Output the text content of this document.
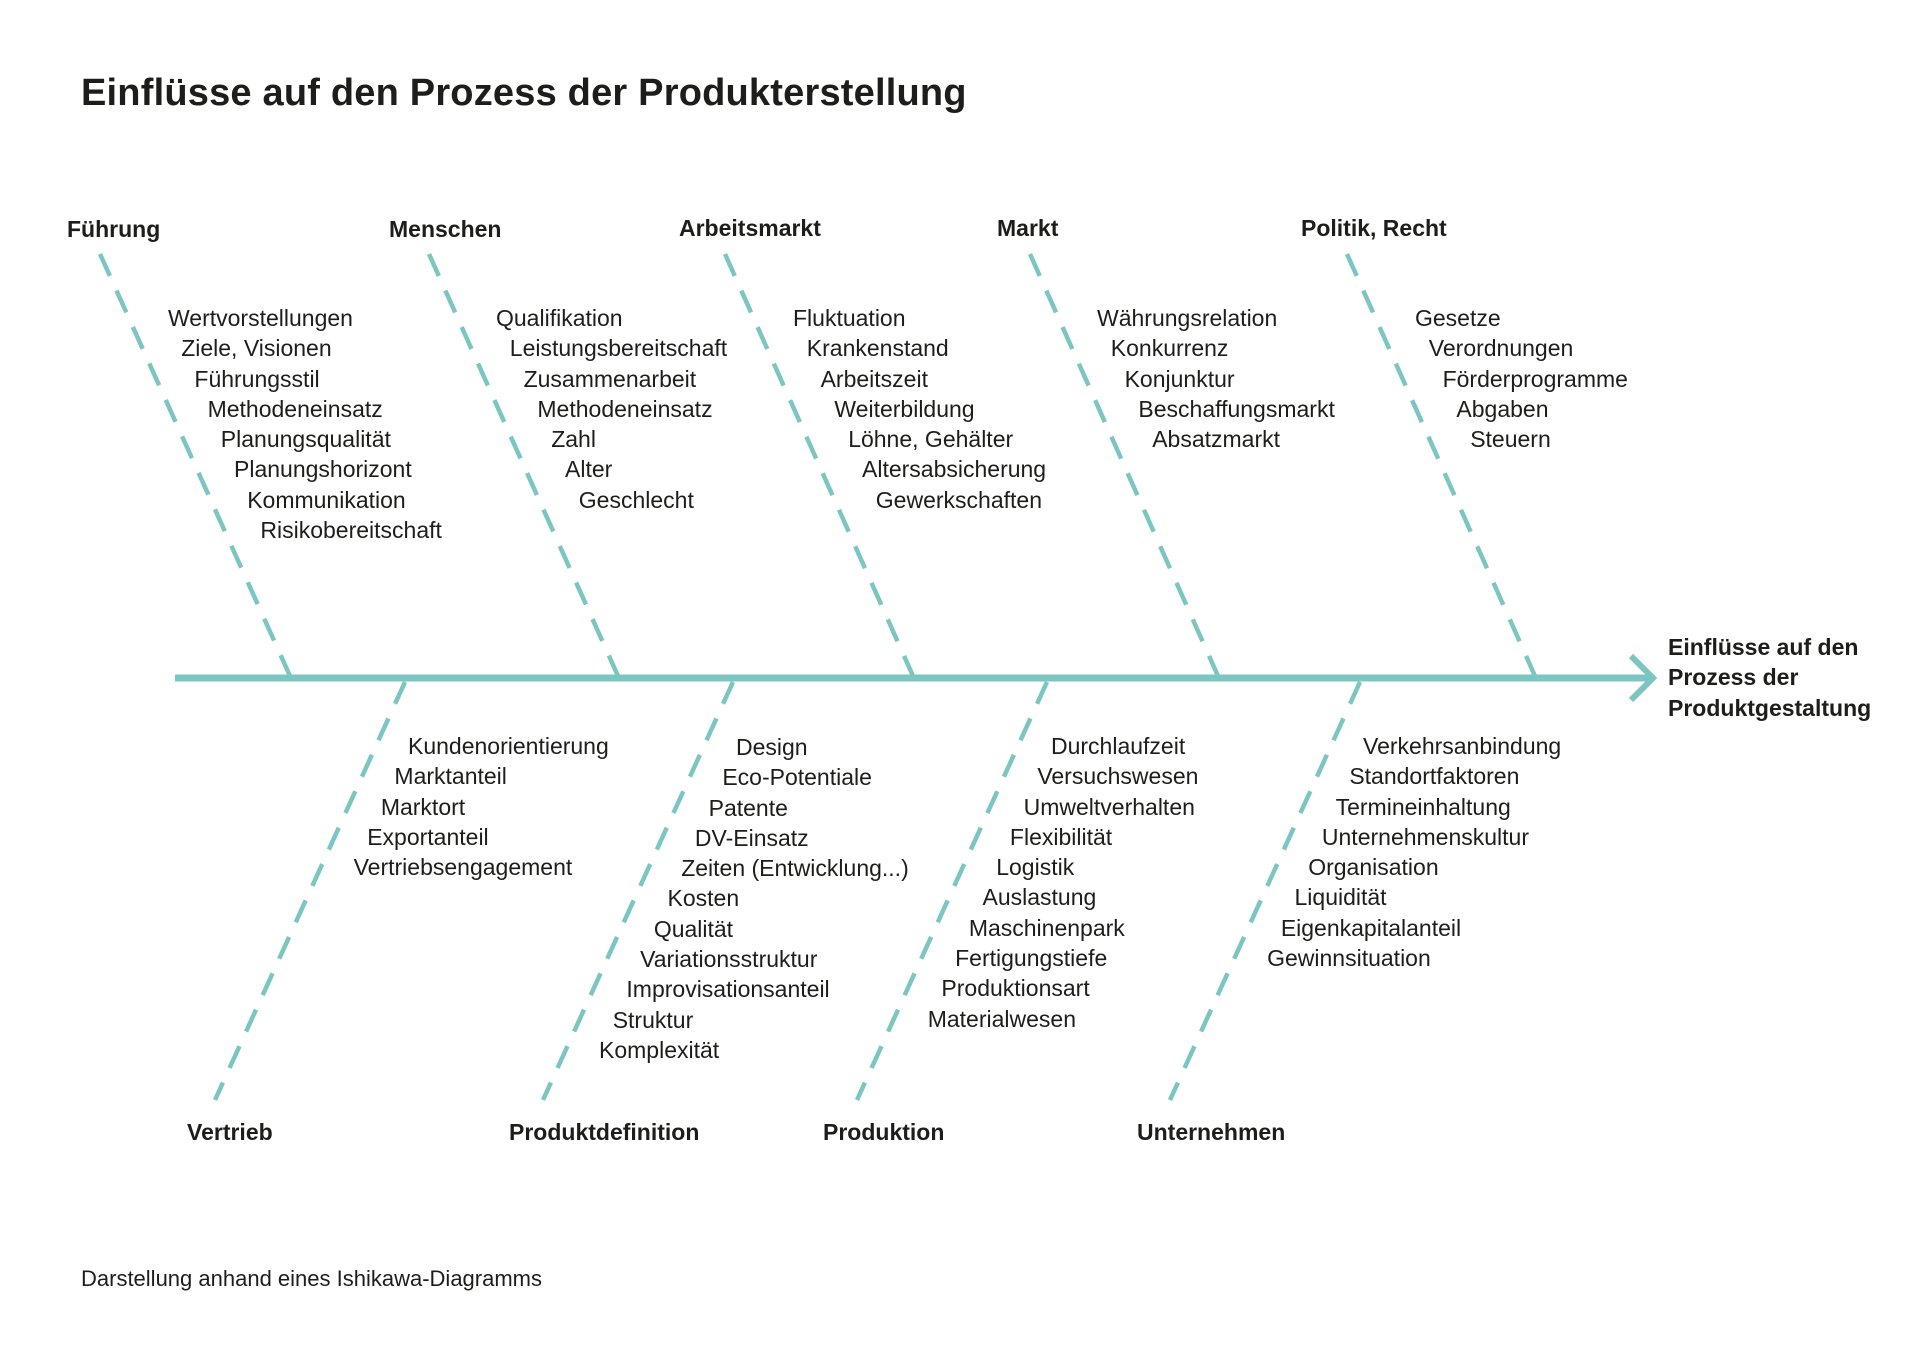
Einflüsse auf den Prozess der Produkterstellung
Führung
Wertvorstellungen
Ziele, Visionen
Führungsstil
Methodeneinsatz
Planungsqualität
Planungshorizont
Kommunikation
Risikobereitschaft
Menschen
Qualifikation
Leistungsbereitschaft
Zusammenarbeit
Methodeneinsatz
Zahl
Alter
Geschlecht
Arbeitsmarkt
Fluktuation
Krankenstand
Arbeitszeit
Weiterbildung
Löhne, Gehälter
Altersabsicherung
Gewerkschaften
Markt
Währungsrelation
Konkurrenz
Konjunktur
Beschaffungsmarkt
Absatzmarkt
Politik, Recht
Gesetze
Verordnungen
Förderprogramme
Abgaben
Steuern
Vertrieb
Kundenorientierung
Marktanteil
Marktort
Exportanteil
Vertriebsengagement
Produktdefinition
Design
Eco-Potentiale
Patente
DV-Einsatz
Zeiten (Entwicklung...)
Kosten
Qualität
Variationsstruktur
Improvisationsanteil
Struktur
Komplexität
Produktion
Durchlaufzeit
Versuchswesen
Umweltverhalten
Flexibilität
Logistik
Auslastung
Maschinenpark
Fertigungstiefe
Produktionsart
Materialwesen
Unternehmen
Verkehrsanbindung
Standortfaktoren
Termineinhaltung
Unternehmenskultur
Organisation
Liquidität
Eigenkapitalanteil
Gewinnsituation
Einflüsse auf den
Prozess der
Produktgestaltung
Darstellung anhand eines Ishikawa-Diagramms
